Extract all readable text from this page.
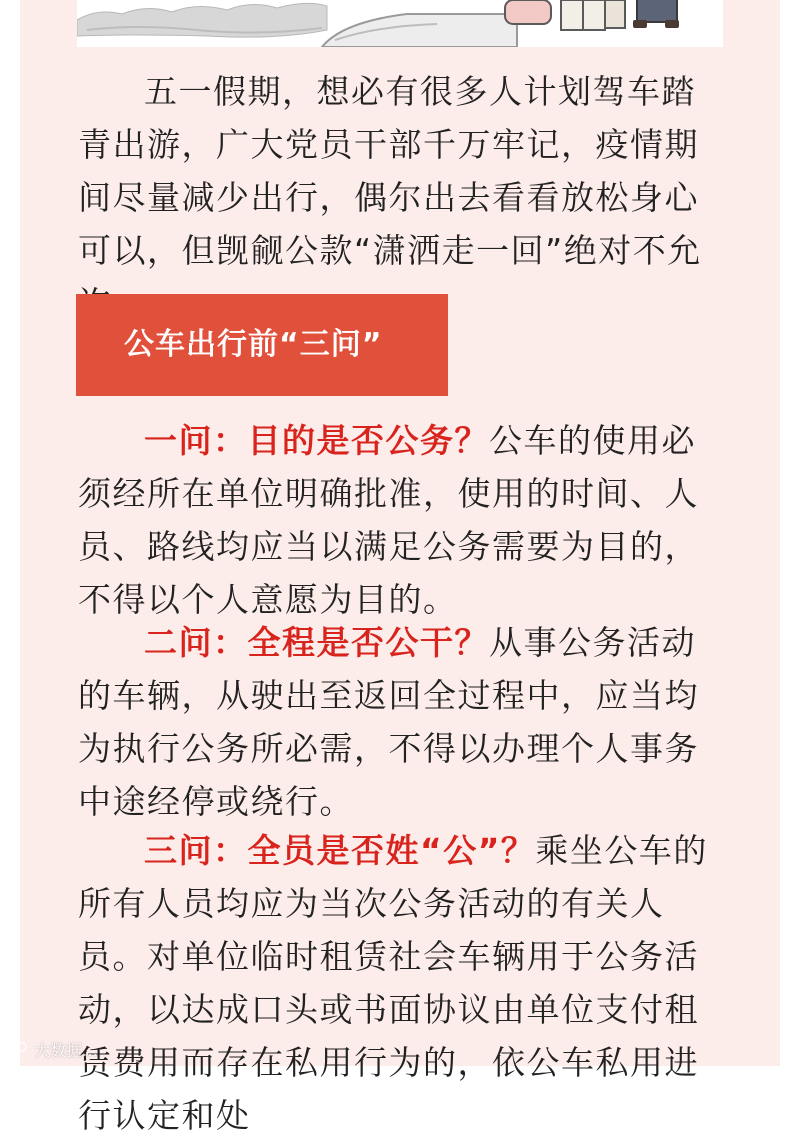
五一假期，想必有很多人计划驾车踏青出游，广大党员干部千万牢记，疫情期间尽量减少出行，偶尔出去看看放松身心可以，但觊觎公款“潇洒走一回”绝对不允

公车出行前“三问”

一问：目的是否公务？公车的使用必须经所在单位明确批准，使用的时间、人员、路线均应当以满足公务需要为目的，不得以个人意愿为目的。

二问：全程是否公干？从事公务活动的车辆，从驶出至返回全过程中，应当均为执行公务所必需，不得以办理个人事务中途经停或绕行。

三问：全员是否姓“公”？乘坐公车的所有人员均应为当次公务活动的有关人员。对单位临时租赁社会车辆用于公务活动，以达成口头或书面协议由单位支付租赁费用而存在私用行为的，依公车私用进行认定和处

大数据…
